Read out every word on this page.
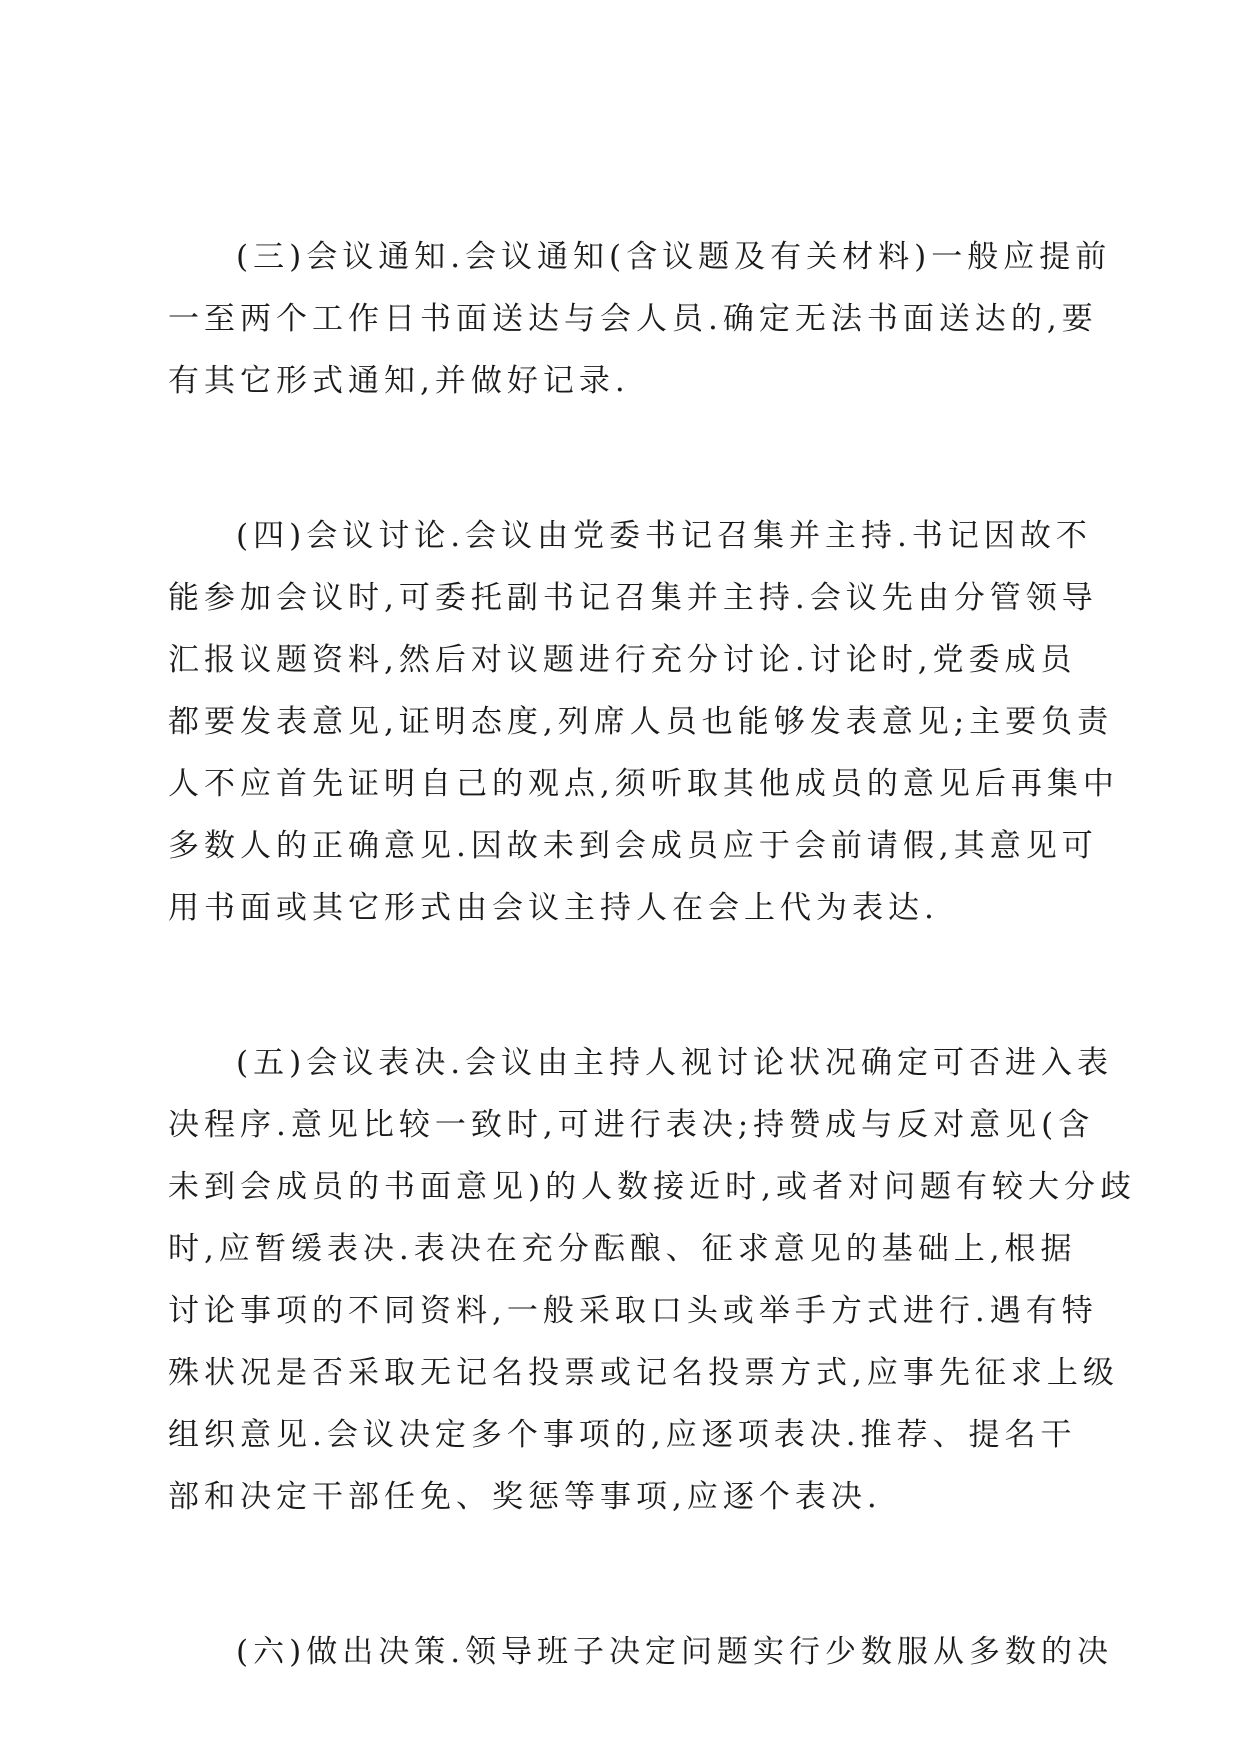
(三)会议通知.会议通知(含议题及有关材料)一般应提前
一至两个工作日书面送达与会人员.确定无法书面送达的,要
有其它形式通知,并做好记录.
(四)会议讨论.会议由党委书记召集并主持.书记因故不
能参加会议时,可委托副书记召集并主持.会议先由分管领导
汇报议题资料,然后对议题进行充分讨论.讨论时,党委成员
都要发表意见,证明态度,列席人员也能够发表意见;主要负责
人不应首先证明自己的观点,须听取其他成员的意见后再集中
多数人的正确意见.因故未到会成员应于会前请假,其意见可
用书面或其它形式由会议主持人在会上代为表达.
(五)会议表决.会议由主持人视讨论状况确定可否进入表
决程序.意见比较一致时,可进行表决;持赞成与反对意见(含
未到会成员的书面意见)的人数接近时,或者对问题有较大分歧
时,应暂缓表决.表决在充分酝酿、征求意见的基础上,根据
讨论事项的不同资料,一般采取口头或举手方式进行.遇有特
殊状况是否采取无记名投票或记名投票方式,应事先征求上级
组织意见.会议决定多个事项的,应逐项表决.推荐、提名干
部和决定干部任免、奖惩等事项,应逐个表决.
(六)做出决策.领导班子决定问题实行少数服从多数的决
